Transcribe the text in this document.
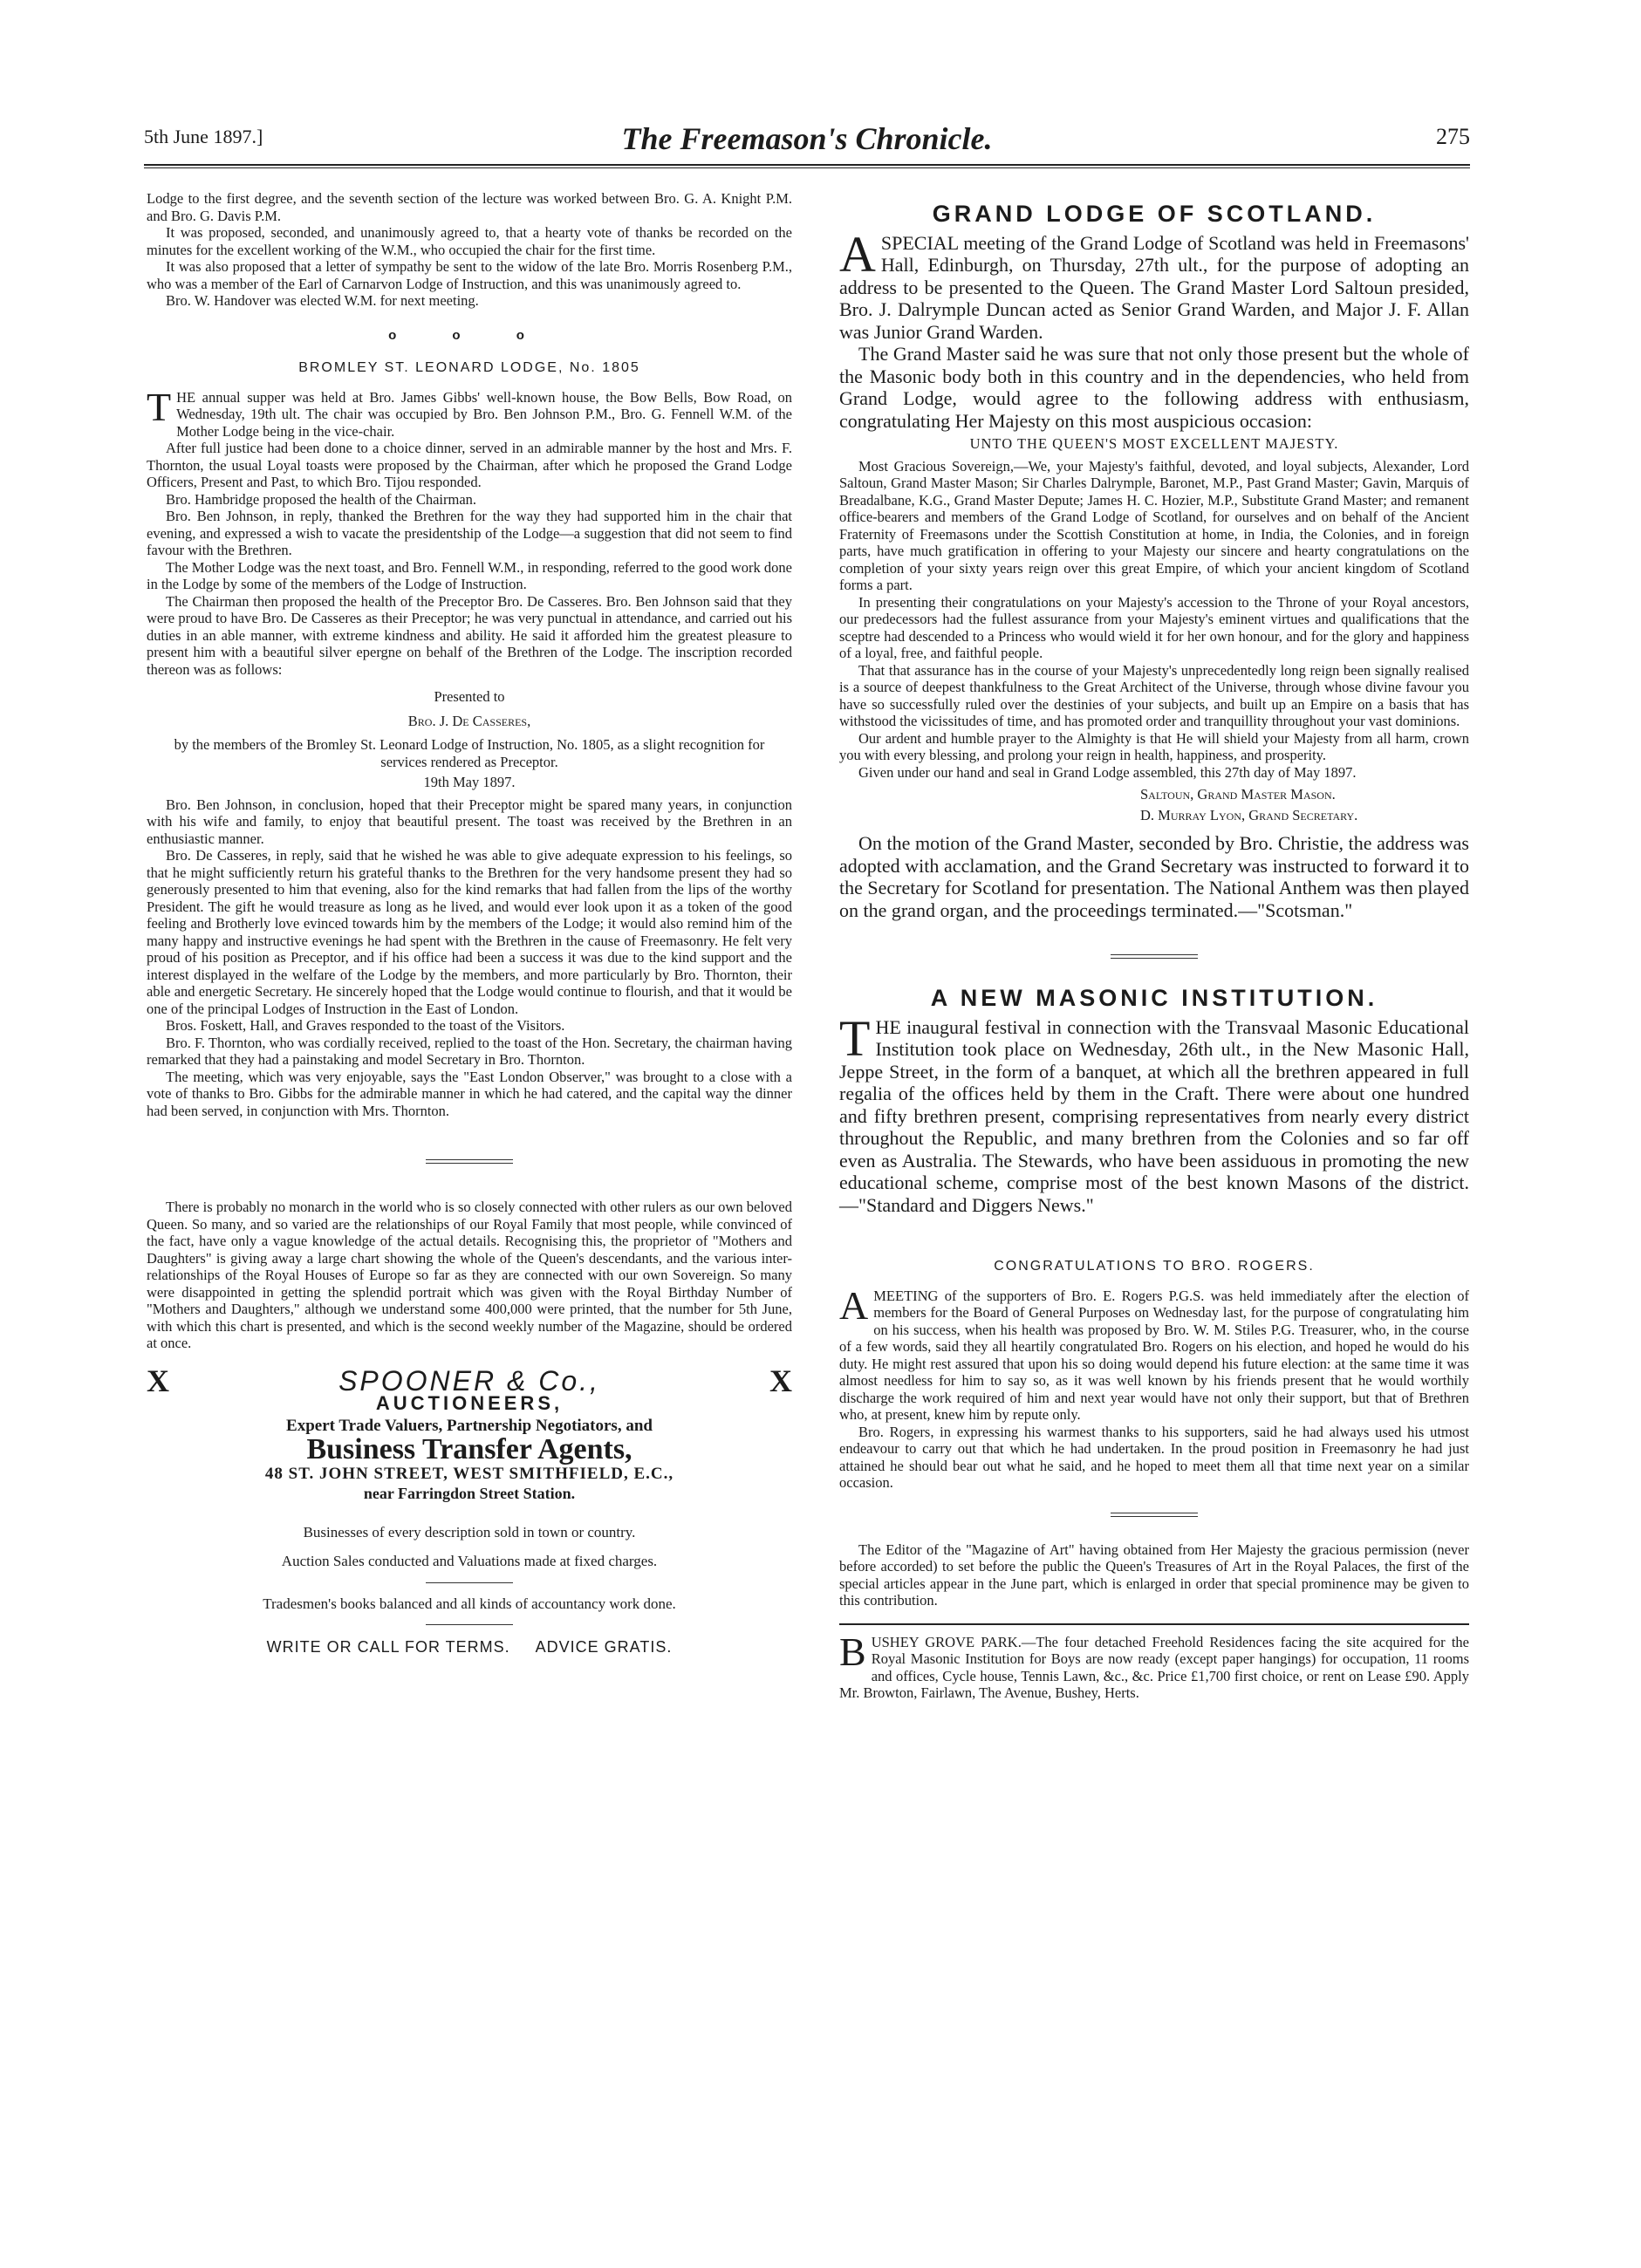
5th June 1897.]	The Freemason's Chronicle.	275

Lodge to the first degree, and the seventh section of the lecture was worked between Bro. G. A. Knight P.M. and Bro. G. Davis P.M.

It was proposed, seconded, and unanimously agreed to, that a hearty vote of thanks be recorded on the minutes for the excellent working of the W.M., who occupied the chair for the first time.

It was also proposed that a letter of sympathy be sent to the widow of the late Bro. Morris Rosenberg P.M., who was a member of the Earl of Carnarvon Lodge of Instruction, and this was unanimously agreed to.

Bro. W. Handover was elected W.M. for next meeting.

o o o
BROMLEY ST. LEONARD LODGE, No. 1805

THE annual supper was held at Bro. James Gibbs' well-known house, the Bow Bells, Bow Road, on Wednesday, 19th ult. The chair was occupied by Bro. Ben Johnson P.M., Bro. G. Fennell W.M. of the Mother Lodge being in the vice-chair.

After full justice had been done to a choice dinner, served in an admirable manner by the host and Mrs. F. Thornton, the usual Loyal toasts were proposed by the Chairman, after which he proposed the Grand Lodge Officers, Present and Past, to which Bro. Tijou responded.

Bro. Hambridge proposed the health of the Chairman.

Bro. Ben Johnson, in reply, thanked the Brethren for the way they had supported him in the chair that evening, and expressed a wish to vacate the presidentship of the Lodge—a suggestion that did not seem to find favour with the Brethren.

The Mother Lodge was the next toast, and Bro. Fennell W.M., in responding, referred to the good work done in the Lodge by some of the members of the Lodge of Instruction.

The Chairman then proposed the health of the Preceptor Bro. De Casseres. Bro. Ben Johnson said that they were proud to have Bro. De Casseres as their Preceptor; he was very punctual in attendance, and carried out his duties in an able manner, with extreme kindness and ability. He said it afforded him the greatest pleasure to present him with a beautiful silver epergne on behalf of the Brethren of the Lodge. The inscription recorded thereon was as follows:

Presented to

Bro. J. De Casseres,

by the members of the Bromley St. Leonard Lodge of Instruction, No. 1805, as a slight recognition for services rendered as Preceptor.

19th May 1897.

Bro. Ben Johnson, in conclusion, hoped that their Preceptor might be spared many years, in conjunction with his wife and family, to enjoy that beautiful present. The toast was received by the Brethren in an enthusiastic manner.

Bro. De Casseres, in reply, said that he wished he was able to give adequate expression to his feelings, so that he might sufficiently return his grateful thanks to the Brethren for the very handsome present they had so generously presented to him that evening, also for the kind remarks that had fallen from the lips of the worthy President. The gift he would treasure as long as he lived, and would ever look upon it as a token of the good feeling and Brotherly love evinced towards him by the members of the Lodge; it would also remind him of the many happy and instructive evenings he had spent with the Brethren in the cause of Freemasonry. He felt very proud of his position as Preceptor, and if his office had been a success it was due to the kind support and the interest displayed in the welfare of the Lodge by the members, and more particularly by Bro. Thornton, their able and energetic Secretary. He sincerely hoped that the Lodge would continue to flourish, and that it would be one of the principal Lodges of Instruction in the East of London.

Bros. Foskett, Hall, and Graves responded to the toast of the Visitors.

Bro. F. Thornton, who was cordially received, replied to the toast of the Hon. Secretary, the chairman having remarked that they had a painstaking and model Secretary in Bro. Thornton.

The meeting, which was very enjoyable, says the "East London Observer," was brought to a close with a vote of thanks to Bro. Gibbs for the admirable manner in which he had catered, and the capital way the dinner had been served, in conjunction with Mrs. Thornton.

There is probably no monarch in the world who is so closely connected with other rulers as our own beloved Queen. So many, and so varied are the relationships of our Royal Family that most people, while convinced of the fact, have only a vague knowledge of the actual details. Recognising this, the proprietor of "Mothers and Daughters" is giving away a large chart showing the whole of the Queen's descendants, and the various inter-relationships of the Royal Houses of Europe so far as they are connected with our own Sovereign. So many were disappointed in getting the splendid portrait which was given with the Royal Birthday Number of "Mothers and Daughters," although we understand some 400,000 were printed, that the number for 5th June, with which this chart is presented, and which is the second weekly number of the Magazine, should be ordered at once.

X	SPOONER & Co.,	X
AUCTIONEERS,
Expert Trade Valuers, Partnership Negotiators, and
Business Transfer Agents,
48 ST. JOHN STREET, WEST SMITHFIELD, E.C.,
near Farringdon Street Station.
Businesses of every description sold in town or country.
Auction Sales conducted and Valuations made at fixed charges.
Tradesmen's books balanced and all kinds of accountancy work done.
WRITE OR CALL FOR TERMS.     ADVICE GRATIS.
GRAND LODGE OF SCOTLAND.

ASPECIAL meeting of the Grand Lodge of Scotland was held in Freemasons' Hall, Edinburgh, on Thursday, 27th ult., for the purpose of adopting an address to be presented to the Queen. The Grand Master Lord Saltoun presided, Bro. J. Dalrymple Duncan acted as Senior Grand Warden, and Major J. F. Allan was Junior Grand Warden.

The Grand Master said he was sure that not only those present but the whole of the Masonic body both in this country and in the dependencies, who held from Grand Lodge, would agree to the following address with enthusiasm, congratulating Her Majesty on this most auspicious occasion:

UNTO THE QUEEN'S MOST EXCELLENT MAJESTY.

Most Gracious Sovereign,—We, your Majesty's faithful, devoted, and loyal subjects, Alexander, Lord Saltoun, Grand Master Mason; Sir Charles Dalrymple, Baronet, M.P., Past Grand Master; Gavin, Marquis of Breadalbane, K.G., Grand Master Depute; James H. C. Hozier, M.P., Substitute Grand Master; and remanent office-bearers and members of the Grand Lodge of Scotland, for ourselves and on behalf of the Ancient Fraternity of Freemasons under the Scottish Constitution at home, in India, the Colonies, and in foreign parts, have much gratification in offering to your Majesty our sincere and hearty congratulations on the completion of your sixty years reign over this great Empire, of which your ancient kingdom of Scotland forms a part.

In presenting their congratulations on your Majesty's accession to the Throne of your Royal ancestors, our predecessors had the fullest assurance from your Majesty's eminent virtues and qualifications that the sceptre had descended to a Princess who would wield it for her own honour, and for the glory and happiness of a loyal, free, and faithful people.

That that assurance has in the course of your Majesty's unprecedentedly long reign been signally realised is a source of deepest thankfulness to the Great Architect of the Universe, through whose divine favour you have so successfully ruled over the destinies of your subjects, and built up an Empire on a basis that has withstood the vicissitudes of time, and has promoted order and tranquillity throughout your vast dominions.

Our ardent and humble prayer to the Almighty is that He will shield your Majesty from all harm, crown you with every blessing, and prolong your reign in health, happiness, and prosperity.

Given under our hand and seal in Grand Lodge assembled, this 27th day of May 1897.

Saltoun, Grand Master Mason.

D. Murray Lyon, Grand Secretary.

On the motion of the Grand Master, seconded by Bro. Christie, the address was adopted with acclamation, and the Grand Secretary was instructed to forward it to the Secretary for Scotland for presentation. The National Anthem was then played on the grand organ, and the proceedings terminated.—"Scotsman."

A NEW MASONIC INSTITUTION.

THE inaugural festival in connection with the Transvaal Masonic Educational Institution took place on Wednesday, 26th ult., in the New Masonic Hall, Jeppe Street, in the form of a banquet, at which all the brethren appeared in full regalia of the offices held by them in the Craft. There were about one hundred and fifty brethren present, comprising representatives from nearly every district throughout the Republic, and many brethren from the Colonies and so far off even as Australia. The Stewards, who have been assiduous in promoting the new educational scheme, comprise most of the best known Masons of the district.—"Standard and Diggers News."

CONGRATULATIONS TO BRO. ROGERS.

AMEETING of the supporters of Bro. E. Rogers P.G.S. was held immediately after the election of members for the Board of General Purposes on Wednesday last, for the purpose of congratulating him on his success, when his health was proposed by Bro. W. M. Stiles P.G. Treasurer, who, in the course of a few words, said they all heartily congratulated Bro. Rogers on his election, and hoped he would do his duty. He might rest assured that upon his so doing would depend his future election: at the same time it was almost needless for him to say so, as it was well known by his friends present that he would worthily discharge the work required of him and next year would have not only their support, but that of Brethren who, at present, knew him by repute only.

Bro. Rogers, in expressing his warmest thanks to his supporters, said he had always used his utmost endeavour to carry out that which he had undertaken. In the proud position in Freemasonry he had just attained he should bear out what he said, and he hoped to meet them all that time next year on a similar occasion.

The Editor of the "Magazine of Art" having obtained from Her Majesty the gracious permission (never before accorded) to set before the public the Queen's Treasures of Art in the Royal Palaces, the first of the special articles appear in the June part, which is enlarged in order that special prominence may be given to this contribution.

BUSHEY GROVE PARK.—The four detached Freehold Residences facing the site acquired for the Royal Masonic Institution for Boys are now ready (except paper hangings) for occupation, 11 rooms and offices, Cycle house, Tennis Lawn, &c., &c. Price £1,700 first choice, or rent on Lease £90. Apply Mr. Browton, Fairlawn, The Avenue, Bushey, Herts.
